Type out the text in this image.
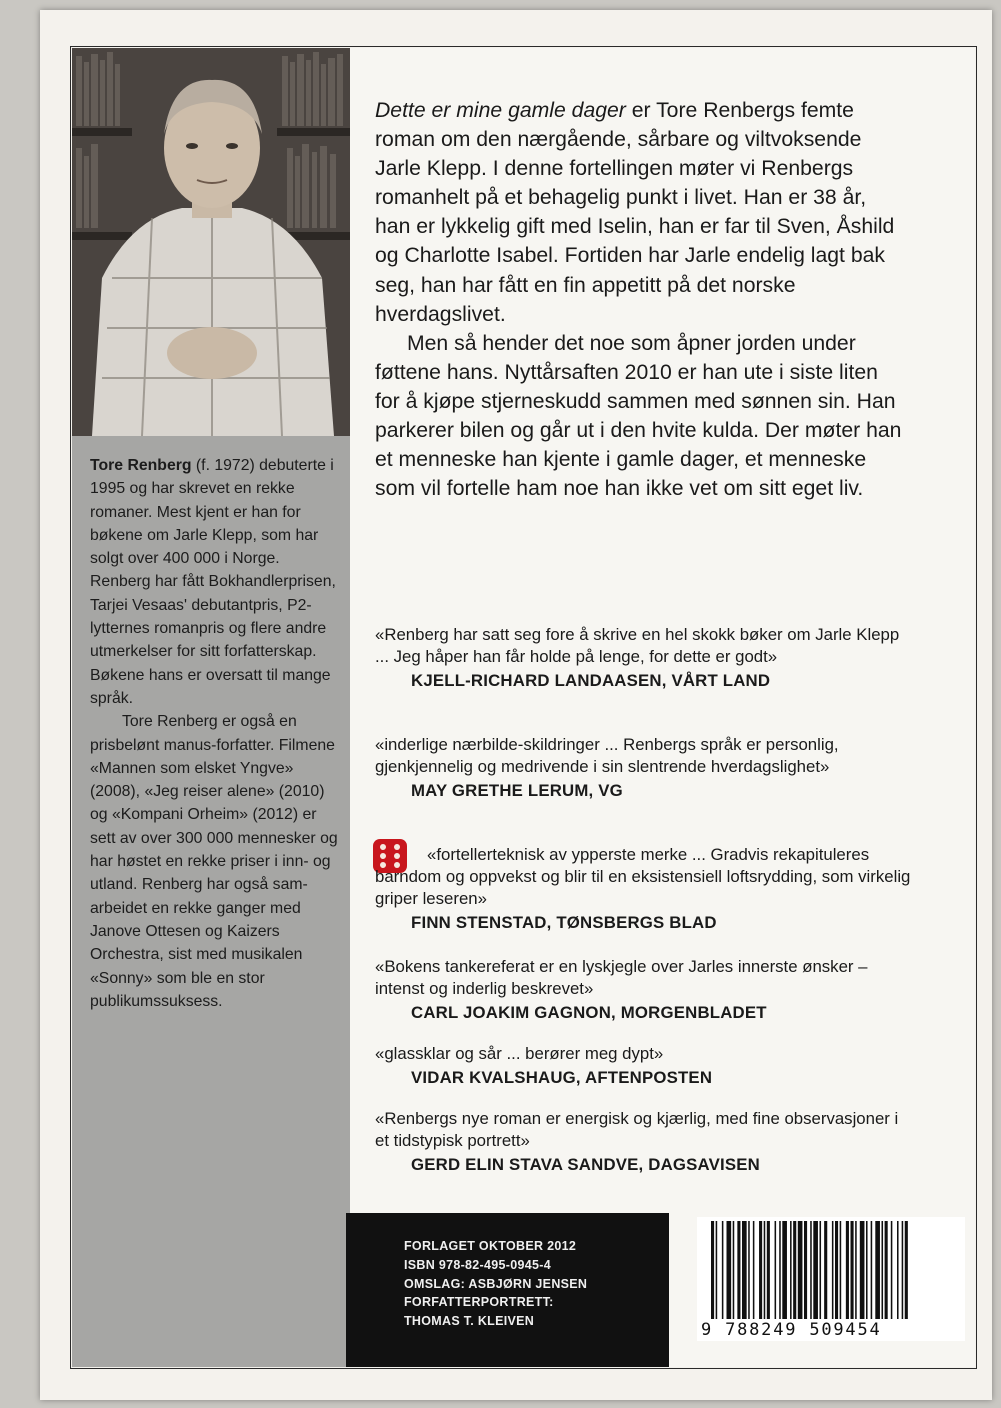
Tore Renberg (f. 1972) debuterte i 1995 og har skrevet en rekke romaner. Mest kjent er han for bøkene om Jarle Klepp, som har solgt over 400 000 i Norge. Renberg har fått Bokhandlerprisen, Tarjei Vesaas' debutantpris, P2-lytternes romanpris og flere andre utmerkelser for sitt forfatterskap. Bøkene hans er oversatt til mange språk.

Tore Renberg er også en prisbelønt manus-forfatter. Filmene «Mannen som elsket Yngve» (2008), «Jeg reiser alene» (2010) og «Kompani Orheim» (2012) er sett av over 300 000 mennesker og har høstet en rekke priser i inn- og utland. Renberg har også sam-arbeidet en rekke ganger med Janove Ottesen og Kaizers Orchestra, sist med musikalen «Sonny» som ble en stor publikumssuksess.

Dette er mine gamle dager er Tore Renbergs femte roman om den nærgående, sårbare og viltvoksende Jarle Klepp. I denne fortellingen møter vi Renbergs romanhelt på et behagelig punkt i livet. Han er 38 år, han er lykkelig gift med Iselin, han er far til Sven, Åshild og Charlotte Isabel. Fortiden har Jarle endelig lagt bak seg, han har fått en fin appetitt på det norske hverdagslivet.

Men så hender det noe som åpner jorden under føttene hans. Nyttårsaften 2010 er han ute i siste liten for å kjøpe stjerneskudd sammen med sønnen sin. Han parkerer bilen og går ut i den hvite kulda. Der møter han et menneske han kjente i gamle dager, et menneske som vil fortelle ham noe han ikke vet om sitt eget liv.

«Renberg har satt seg fore å skrive en hel skokk bøker om Jarle Klepp ... Jeg håper han får holde på lenge, for dette er godt»

KJELL-RICHARD LANDAASEN, VÅRT LAND

«inderlige nærbilde-skildringer ... Renbergs språk er personlig, gjenkjennelig og medrivende i sin slentrende hverdagslighet»

MAY GRETHE LERUM, VG

«fortellerteknisk av ypperste merke ... Gradvis rekapituleres barndom og oppvekst og blir til en eksistensiell loftsrydding, som virkelig griper leseren»

FINN STENSTAD, TØNSBERGS BLAD

«Bokens tankereferat er en lyskjegle over Jarles innerste ønsker – intenst og inderlig beskrevet»

CARL JOAKIM GAGNON, MORGENBLADET

«glassklar og sår ... berører meg dypt»

VIDAR KVALSHAUG, AFTENPOSTEN

«Renbergs nye roman er energisk og kjærlig, med fine observasjoner i et tidstypisk portrett»

GERD ELIN STAVA SANDVE, DAGSAVISEN

FORLAGET OKTOBER 2012
ISBN 978-82-495-0945-4
OMSLAG: ASBJØRN JENSEN
FORFATTERPORTRETT:
THOMAS T. KLEIVEN	9 788249 509454
